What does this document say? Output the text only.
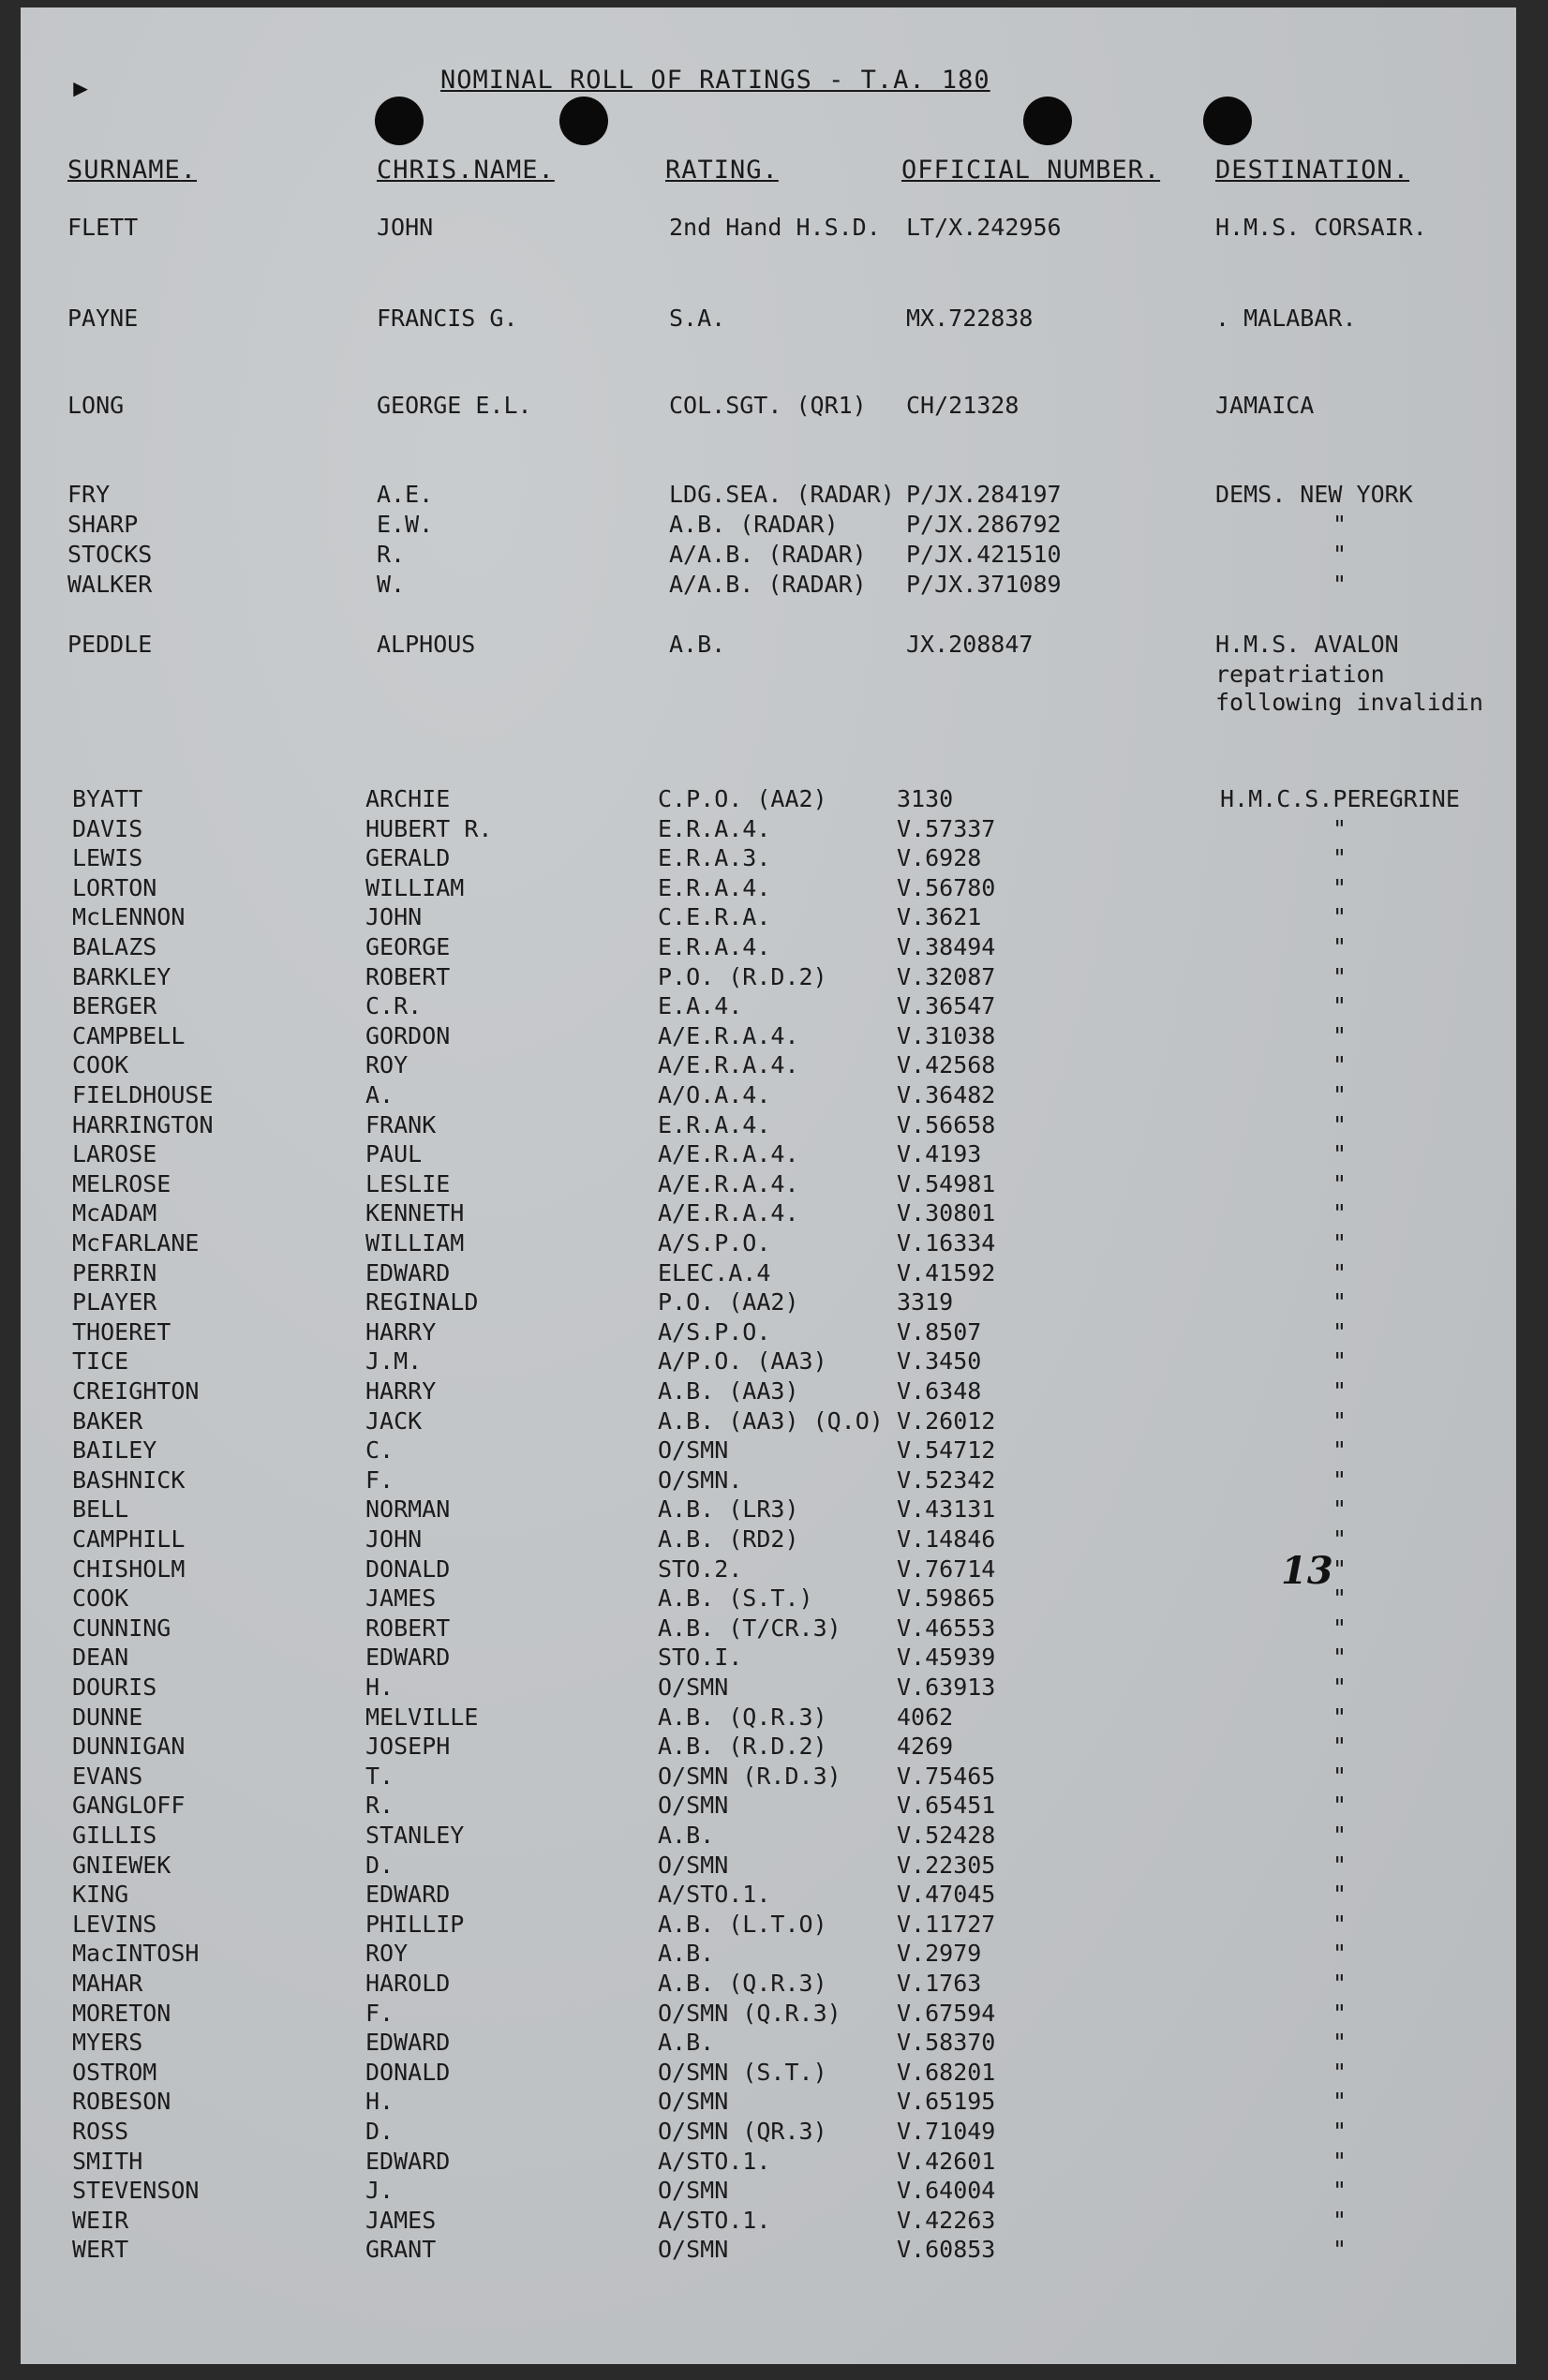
▸	NOMINAL ROLL OF RATINGS - T.A. 180
SURNAME.	CHRIS.NAME.	RATING.	OFFICIAL NUMBER. DESTINATION.
FLETT	JOHN	2nd Hand H.S.D. LT/X.242956	H.M.S. CORSAIR.
PAYNE	FRANCIS G.	S.A.	MX.722838	. MALABAR.
LONG	GEORGE E.L.	COL.SGT. (QR1) CH/21328	JAMAICA
FRY	A.E.	LDG.SEA. (RADAR) P/JX.284197	DEMS. NEW YORK
SHARP	E.W.	A.B. (RADAR)	P/JX.286792	"
STOCKS	R.	A/A.B. (RADAR) P/JX.421510	"
WALKER	W.	A/A.B. (RADAR) P/JX.371089	"
PEDDLE	ALPHOUS	A.B.	JX.208847	H.M.S. AVALON
repatriation
following invalidin
BYATT	ARCHIE	C.P.O. (AA2)	3130	H.M.C.S.PEREGRINE
DAVIS	HUBERT R.	E.R.A.4.	V.57337	"
LEWIS	GERALD	E.R.A.3.	V.6928	"
LORTON	WILLIAM	E.R.A.4.	V.56780	"
McLENNON	JOHN	C.E.R.A.	V.3621	"
BALAZS	GEORGE	E.R.A.4.	V.38494	"
BARKLEY	ROBERT	P.O. (R.D.2)	V.32087	"
BERGER	C.R.	E.A.4.	V.36547	"
CAMPBELL	GORDON	A/E.R.A.4.	V.31038	"
COOK	ROY	A/E.R.A.4.	V.42568	"
FIELDHOUSE	A.	A/O.A.4.	V.36482	"
HARRINGTON	FRANK	E.R.A.4.	V.56658	"
LAROSE	PAUL	A/E.R.A.4.	V.4193	"
MELROSE	LESLIE	A/E.R.A.4.	V.54981	"
McADAM	KENNETH	A/E.R.A.4.	V.30801	"
McFARLANE	WILLIAM	A/S.P.O.	V.16334	"
PERRIN	EDWARD	ELEC.A.4	V.41592	"
PLAYER	REGINALD	P.O. (AA2)	3319	"
THOERET	HARRY	A/S.P.O.	V.8507	"
TICE	J.M.	A/P.O. (AA3)	V.3450	"
CREIGHTON	HARRY	A.B. (AA3)	V.6348	"
BAKER	JACK	A.B. (AA3) (Q.O) V.26012	"
BAILEY	C.	O/SMN	V.54712	"
BASHNICK	F.	O/SMN.	V.52342	"
BELL	NORMAN	A.B. (LR3)	V.43131	"
CAMPHILL	JOHN	A.B. (RD2)	V.14846	"
CHISHOLM	DONALD	STO.2.	V.76714	"
COOK	JAMES	A.B. (S.T.)	V.59865	"
CUNNING	ROBERT	A.B. (T/CR.3) V.46553	"
DEAN	EDWARD	STO.I.	V.45939	"
DOURIS	H.	O/SMN	V.63913	"
DUNNE	MELVILLE	A.B. (Q.R.3)	4062	"
DUNNIGAN	JOSEPH	A.B. (R.D.2)	4269	"
EVANS	T.	O/SMN (R.D.3) V.75465	"
GANGLOFF	R.	O/SMN	V.65451	"
GILLIS	STANLEY	A.B.	V.52428	"
GNIEWEK	D.	O/SMN	V.22305	"
KING	EDWARD	A/STO.1.	V.47045	"
LEVINS	PHILLIP	A.B. (L.T.O)	V.11727	"
MacINTOSH	ROY	A.B.	V.2979	"
MAHAR	HAROLD	A.B. (Q.R.3)	V.1763	"
MORETON	F.	O/SMN (Q.R.3) V.67594	"
MYERS	EDWARD	A.B.	V.58370	"
OSTROM	DONALD	O/SMN (S.T.)	V.68201	"
ROBESON	H.	O/SMN	V.65195	"
ROSS	D.	O/SMN (QR.3)	V.71049	"
SMITH	EDWARD	A/STO.1.	V.42601	"
STEVENSON	J.	O/SMN	V.64004	"
WEIR	JAMES	A/STO.1.	V.42263	"
WERT	GRANT	O/SMN	V.60853	"
13
